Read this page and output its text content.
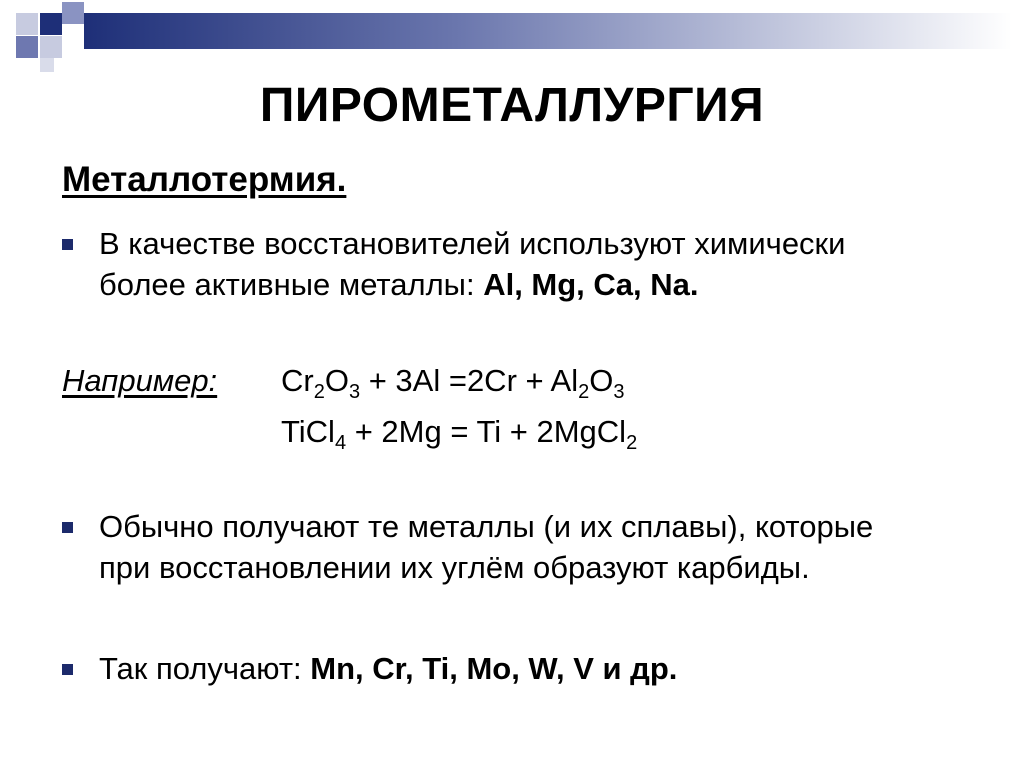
ПИРОМЕТАЛЛУРГИЯ
Металлотермия.
В качестве восстановителей используют химически
более активные металлы: Al, Mg, Ca, Na.
Например: $Cr_2O_3 + 3Al =2Cr + Al_2O_3$
TiCl$_4$ + 2Mg = Ti + 2MgCl$_2$
Обычно получают те металлы (и их сплавы), которые
при восстановлении их углём образуют карбиды.
Так получают: Mn, Cr, Ti, Mo, W, V и др.
